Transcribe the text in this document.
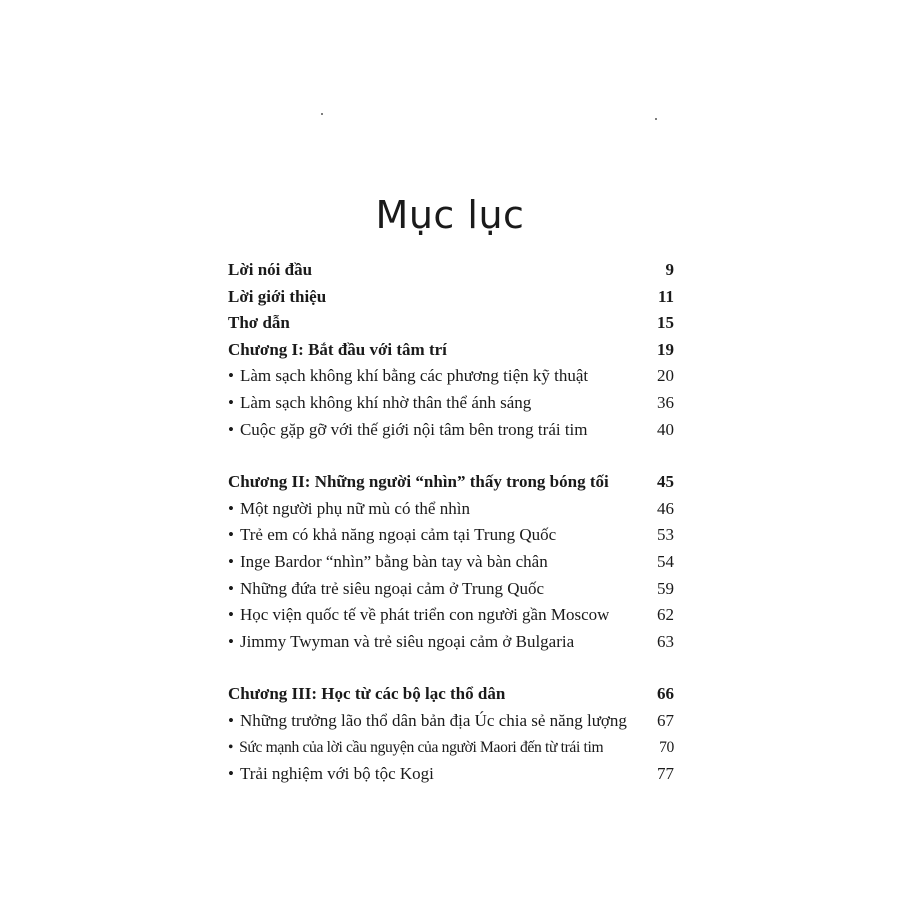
Mục lục
Lời nói đầu	9
Lời giới thiệu	11
Thơ dẫn	15
Chương I: Bắt đầu với tâm trí	19
• Làm sạch không khí bằng các phương tiện kỹ thuật	20
• Làm sạch không khí nhờ thân thể ánh sáng	36
• Cuộc gặp gỡ với thế giới nội tâm bên trong trái tim	40
Chương II: Những người “nhìn” thấy trong bóng tối	45
• Một người phụ nữ mù có thể nhìn	46
• Trẻ em có khả năng ngoại cảm tại Trung Quốc	53
• Inge Bardor “nhìn” bằng bàn tay và bàn chân	54
• Những đứa trẻ siêu ngoại cảm ở Trung Quốc	59
• Học viện quốc tế về phát triển con người gần Moscow	62
• Jimmy Twyman và trẻ siêu ngoại cảm ở Bulgaria	63
Chương III: Học từ các bộ lạc thổ dân	66
• Những trưởng lão thổ dân bản địa Úc chia sẻ năng lượng	67
• Sức mạnh của lời cầu nguyện của người Maori đến từ trái tim	70
• Trải nghiệm với bộ tộc Kogi	77
